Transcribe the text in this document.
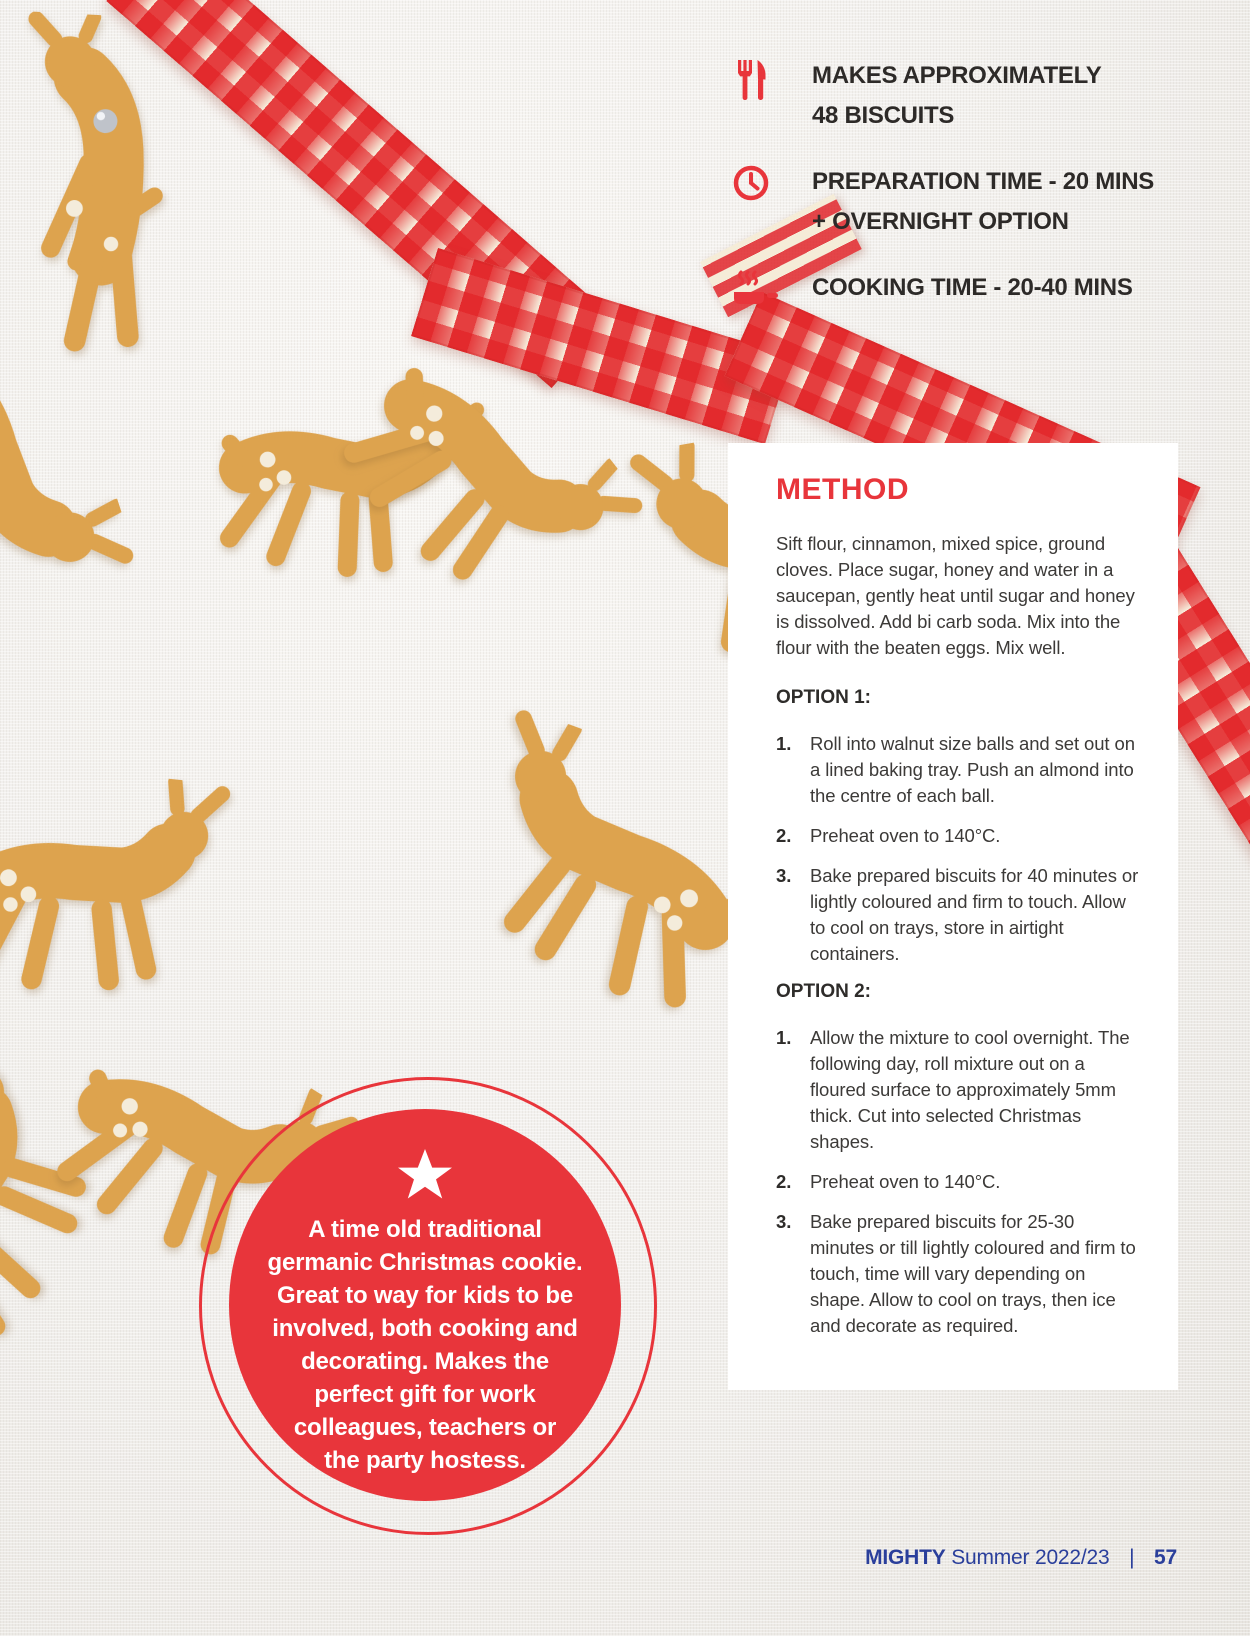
MAKES APPROXIMATELY
48 BISCUITS
PREPARATION TIME - 20 MINS
+ OVERNIGHT OPTION
COOKING TIME - 20-40 MINS
METHOD

Sift flour, cinnamon, mixed spice, ground cloves. Place sugar, honey and water in a saucepan, gently heat until sugar and honey is dissolved. Add bi carb soda. Mix into the flour with the beaten eggs. Mix well.

OPTION 1:
1.	Roll into walnut size balls and set out on a lined baking tray. Push an almond into the centre of each ball.
2.	Preheat oven to 140°C.
3.	Bake prepared biscuits for 40 minutes or lightly coloured and firm to touch. Allow to cool on trays, store in airtight containers.
OPTION 2:
1.	Allow the mixture to cool overnight. The following day, roll mixture out on a floured surface to approximately 5mm thick. Cut into selected Christmas shapes.
2.	Preheat oven to 140°C.
3.	Bake prepared biscuits for 25-30 minutes or till lightly coloured and firm to touch, time will vary depending on shape. Allow to cool on trays, then ice and decorate as required.
A time old traditional
germanic Christmas cookie.
Great to way for kids to be
involved, both cooking and
decorating. Makes the
perfect gift for work
colleagues, teachers or
the party hostess.
MIGHTY Summer 2022/23 | 57
